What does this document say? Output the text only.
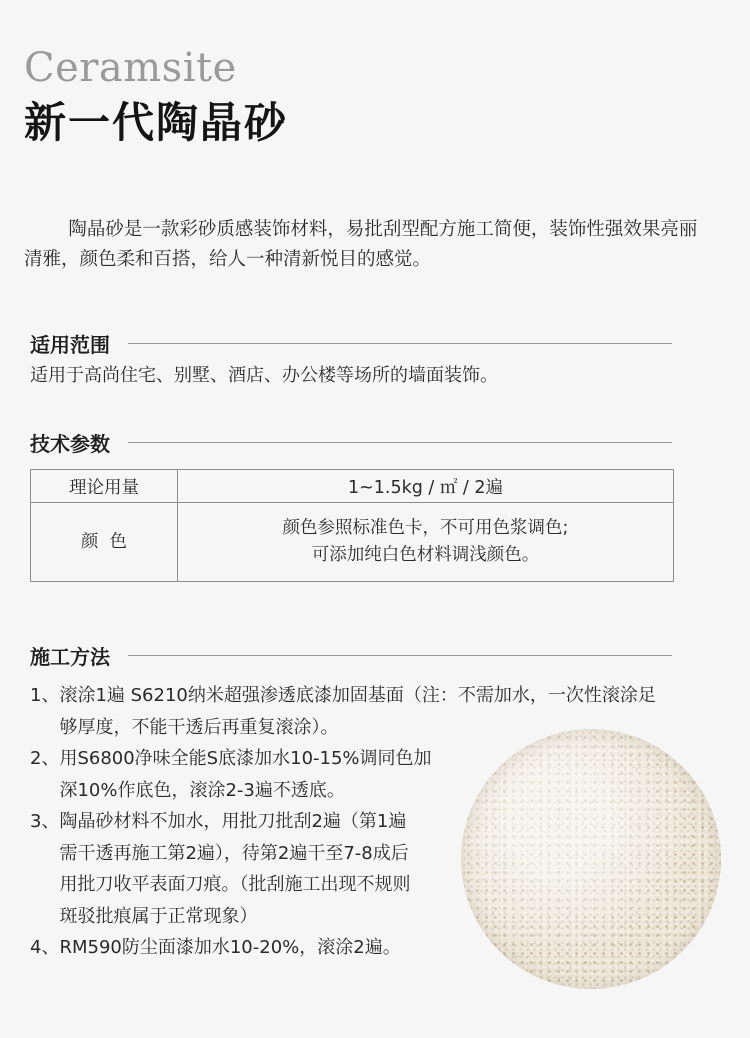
Ceramsite
新一代陶晶砂

陶晶砂是一款彩砂质感装饰材料，易批刮型配方施工简便，装饰性强效果亮丽清雅，颜色柔和百搭，给人一种清新悦目的感觉。

适用范围
适用于高尚住宅、别墅、酒店、办公楼等场所的墙面装饰。
技术参数
理论用量	1~1.5kg / ㎡ / 2遍
颜  色	颜色参照标准色卡，不可用色浆调色;
可添加纯白色材料调浅颜色。
施工方法
1、 滚涂1遍 S6210纳米超强渗透底漆加固基面（注：不需加水，一次性滚涂足够厚度，不能干透后再重复滚涂）。
2、 用S6800净味全能S底漆加水10-15%调同色加深10%作底色，滚涂2-3遍不透底。
3、 陶晶砂材料不加水，用批刀批刮2遍（第1遍需干透再施工第2遍），待第2遍干至7-8成后用批刀收平表面刀痕。（批刮施工出现不规则斑驳批痕属于正常现象）
4、 RM590防尘面漆加水10-20%，滚涂2遍。
